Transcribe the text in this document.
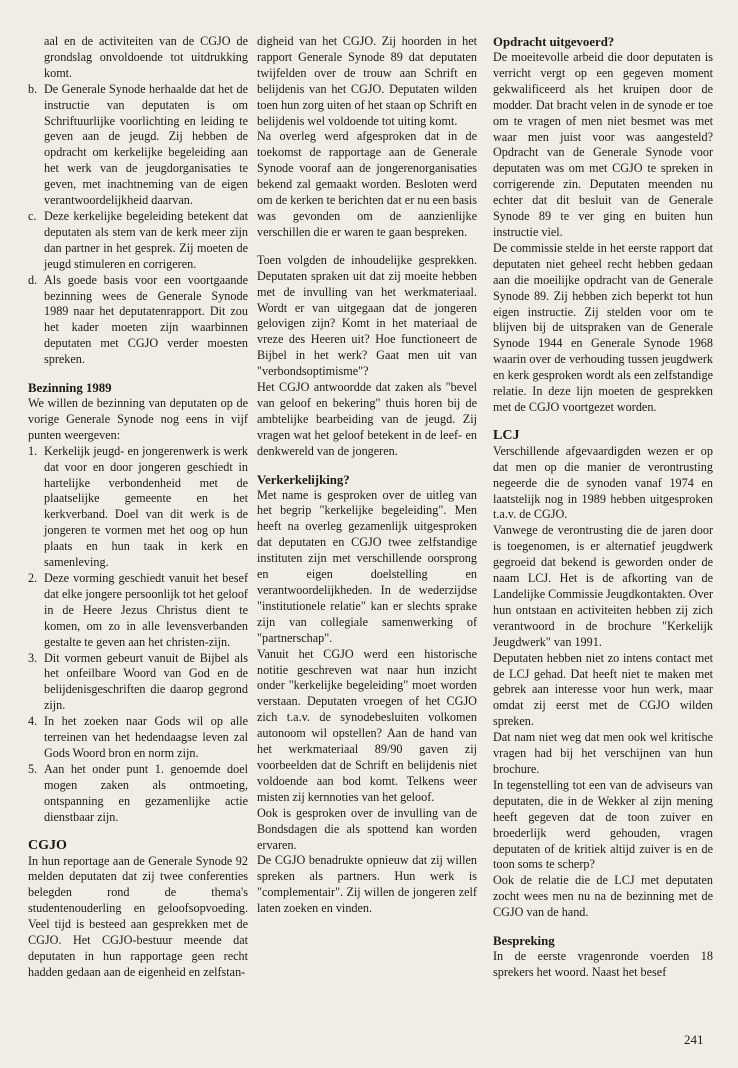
aal en de activiteiten van de CGJO de grondslag onvoldoende tot uitdrukking komt.

b. De Generale Synode herhaalde dat het de instructie van deputaten is om Schriftuurlijke voorlichting en leiding te geven aan de jeugd. Zij hebben de opdracht om kerkelijke begeleiding aan het werk van de jeugdorganisaties te geven, met inachtneming van de eigen verantwoordelijkheid daarvan.
c. Deze kerkelijke begeleiding betekent dat deputaten als stem van de kerk meer zijn dan partner in het gesprek. Zij moeten de jeugd stimuleren en corrigeren.
d. Als goede basis voor een voortgaande bezinning wees de Generale Synode 1989 naar het deputatenrapport. Dit zou het kader moeten zijn waarbinnen deputaten met CGJO verder moesten spreken.
Bezinning 1989

We willen de bezinning van deputaten op de vorige Generale Synode nog eens in vijf punten weergeven:

1. Kerkelijk jeugd- en jongerenwerk is werk dat voor en door jongeren geschiedt in hartelijke verbondenheid met de plaatselijke gemeente en het kerkverband. Doel van dit werk is de jongeren te vormen met het oog op hun plaats en hun taak in kerk en samenleving.
2. Deze vorming geschiedt vanuit het besef dat elke jongere persoonlijk tot het geloof in de Heere Jezus Christus dient te komen, om zo in alle levensverbanden gestalte te geven aan het christen-zijn.
3. Dit vormen gebeurt vanuit de Bijbel als het onfeilbare Woord van God en de belijdenisgeschriften die daarop gegrond zijn.
4. In het zoeken naar Gods wil op alle terreinen van het hedendaagse leven zal Gods Woord bron en norm zijn.
5. Aan het onder punt 1. genoemde doel mogen zaken als ontmoeting, ontspanning en gezamenlijke actie dienstbaar zijn.
CGJO

In hun reportage aan de Generale Synode 92 melden deputaten dat zij twee conferenties belegden rond de thema's studentenouderling en geloofsopvoeding. Veel tijd is besteed aan gesprekken met de CGJO. Het CGJO-bestuur meende dat deputaten in hun rapportage geen recht hadden gedaan aan de eigenheid en zelfstan-

digheid van het CGJO. Zij hoorden in het rapport Generale Synode 89 dat deputaten twijfelden over de trouw aan Schrift en belijdenis van het CGJO. Deputaten wilden toen hun zorg uiten of het staan op Schrift en belijdenis wel voldoende tot uiting komt.

Na overleg werd afgesproken dat in de toekomst de rapportage aan de Generale Synode vooraf aan de jongerenorganisaties bekend zal gemaakt worden. Besloten werd om de kerken te berichten dat er nu een basis was gevonden om de aanzienlijke verschillen die er waren te gaan bespreken.

Toen volgden de inhoudelijke gesprekken. Deputaten spraken uit dat zij moeite hebben met de invulling van het werkmateriaal. Wordt er van uitgegaan dat de jongeren gelovigen zijn? Komt in het materiaal de vreze des Heeren uit? Hoe functioneert de Bijbel in het werk? Gaat men uit van "verbondsoptimisme"?

Het CGJO antwoordde dat zaken als "bevel van geloof en bekering" thuis horen bij de ambtelijke bearbeiding van de jeugd. Zij vragen wat het geloof betekent in de leef- en denkwereld van de jongeren.

Verkerkelijking?

Met name is gesproken over de uitleg van het begrip "kerkelijke begeleiding". Men heeft na overleg gezamenlijk uitgesproken dat deputaten en CGJO twee zelfstandige instituten zijn met verschillende oorsprong en eigen doelstelling en verantwoordelijkheden. In de wederzijdse "institutionele relatie" kan er slechts sprake zijn van collegiale samenwerking of "partnerschap".

Vanuit het CGJO werd een historische notitie geschreven wat naar hun inzicht onder "kerkelijke begeleiding" moet worden verstaan. Deputaten vroegen of het CGJO zich t.a.v. de synodebesluiten volkomen autonoom wil opstellen? Aan de hand van het werkmateriaal 89/90 gaven zij voorbeelden dat de Schrift en belijdenis niet voldoende aan bod komt. Telkens weer misten zij kernnoties van het geloof.

Ook is gesproken over de invulling van de Bondsdagen die als spottend kan worden ervaren.

De CGJO benadrukte opnieuw dat zij willen spreken als partners. Hun werk is "complementair". Zij willen de jongeren zelf laten zoeken en vinden.

Opdracht uitgevoerd?

De moeitevolle arbeid die door deputaten is verricht vergt op een gegeven moment gekwalificeerd als het kruipen door de modder. Dat bracht velen in de synode er toe om te vragen of men niet besmet was met waar men juist voor was aangesteld? Opdracht van de Generale Synode voor deputaten was om met CGJO te spreken in corrigerende zin. Deputaten meenden nu echter dat dit besluit van de Generale Synode 89 te ver ging en buiten hun instructie viel.

De commissie stelde in het eerste rapport dat deputaten niet geheel recht hebben gedaan aan die moeilijke opdracht van de Generale Synode 89. Zij hebben zich beperkt tot hun eigen instructie. Zij stelden voor om te blijven bij de uitspraken van de Generale Synode 1944 en Generale Synode 1968 waarin over de verhouding tussen jeugdwerk en kerk gesproken wordt als een zelfstandige relatie. In deze lijn moeten de gesprekken met de CGJO voortgezet worden.

LCJ

Verschillende afgevaardigden wezen er op dat men op die manier de verontrusting negeerde die de synoden vanaf 1974 en laatstelijk nog in 1989 hebben uitgesproken t.a.v. de CGJO.

Vanwege de verontrusting die de jaren door is toegenomen, is er alternatief jeugdwerk gegroeid dat bekend is geworden onder de naam LCJ. Het is de afkorting van de Landelijke Commissie Jeugdkontakten. Over hun ontstaan en activiteiten hebben zij zich verantwoord in de brochure "Kerkelijk Jeugdwerk" van 1991.

Deputaten hebben niet zo intens contact met de LCJ gehad. Dat heeft niet te maken met gebrek aan interesse voor hun werk, maar omdat zij eerst met de CGJO wilden spreken.

Dat nam niet weg dat men ook wel kritische vragen had bij het verschijnen van hun brochure.

In tegenstelling tot een van de adviseurs van deputaten, die in de Wekker al zijn mening heeft gegeven dat de toon zuiver en broederlijk werd gehouden, vragen deputaten of de kritiek altijd zuiver is en de toon soms te scherp?

Ook de relatie die de LCJ met deputaten zocht wees men nu na de bezinning met de CGJO van de hand.

Bespreking

In de eerste vragenronde voerden 18 sprekers het woord. Naast het besef

241
